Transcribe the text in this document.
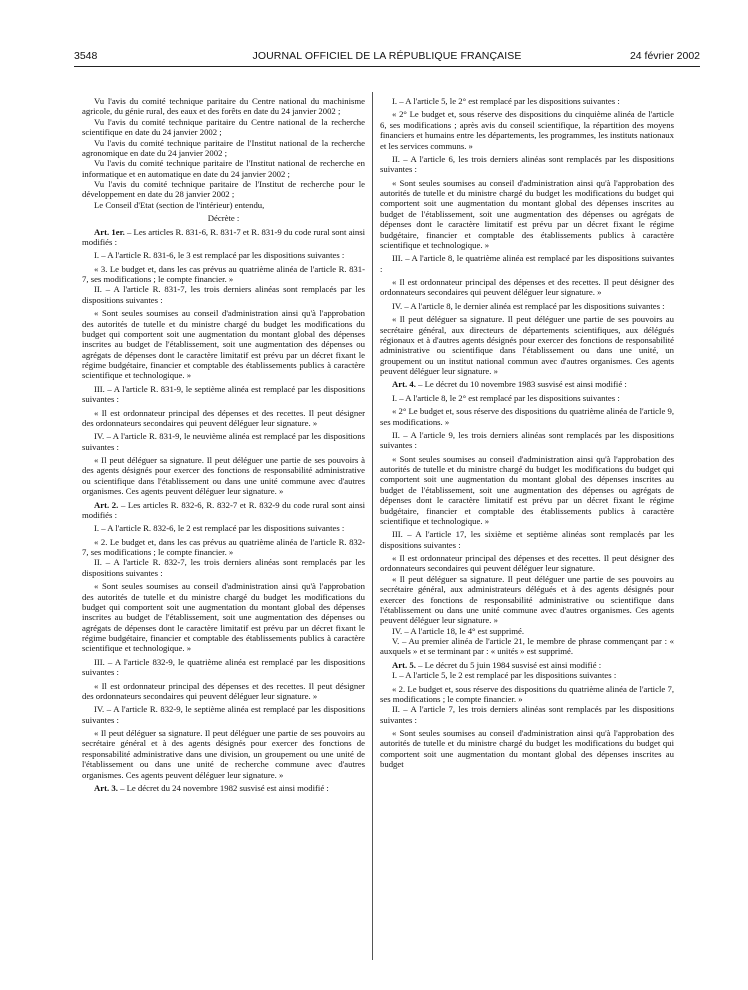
3548	JOURNAL OFFICIEL DE LA RÉPUBLIQUE FRANÇAISE	24 février 2002

Vu l'avis du comité technique paritaire du Centre national du machinisme agricole, du génie rural, des eaux et des forêts en date du 24 janvier 2002 ;

Vu l'avis du comité technique paritaire du Centre national de la recherche scientifique en date du 24 janvier 2002 ;

Vu l'avis du comité technique paritaire de l'Institut national de la recherche agronomique en date du 24 janvier 2002 ;

Vu l'avis du comité technique paritaire de l'Institut national de recherche en informatique et en automatique en date du 24 janvier 2002 ;

Vu l'avis du comité technique paritaire de l'Institut de recherche pour le développement en date du 28 janvier 2002 ;

Le Conseil d'Etat (section de l'intérieur) entendu,

Décrète :

Art. 1er. – Les articles R. 831-6, R. 831-7 et R. 831-9 du code rural sont ainsi modifiés :

I. – A l'article R. 831-6, le 3 est remplacé par les dispositions suivantes :

« 3. Le budget et, dans les cas prévus au quatrième alinéa de l'article R. 831-7, ses modifications ; le compte financier. »

II. – A l'article R. 831-7, les trois derniers alinéas sont remplacés par les dispositions suivantes :

« Sont seules soumises au conseil d'administration ainsi qu'à l'approbation des autorités de tutelle et du ministre chargé du budget les modifications du budget qui comportent soit une augmentation du montant global des dépenses inscrites au budget de l'établissement, soit une augmentation des dépenses ou agrégats de dépenses dont le caractère limitatif est prévu par un décret fixant le régime budgétaire, financier et comptable des établissements publics à caractère scientifique et technologique. »

III. – A l'article R. 831-9, le septième alinéa est remplacé par les dispositions suivantes :

« Il est ordonnateur principal des dépenses et des recettes. Il peut désigner des ordonnateurs secondaires qui peuvent déléguer leur signature. »

IV. – A l'article R. 831-9, le neuvième alinéa est remplacé par les dispositions suivantes :

« Il peut déléguer sa signature. Il peut déléguer une partie de ses pouvoirs à des agents désignés pour exercer des fonctions de responsabilité administrative ou scientifique dans l'établissement ou dans une unité commune avec d'autres organismes. Ces agents peuvent déléguer leur signature. »

Art. 2. – Les articles R. 832-6, R. 832-7 et R. 832-9 du code rural sont ainsi modifiés :

I. – A l'article R. 832-6, le 2 est remplacé par les dispositions suivantes :

« 2. Le budget et, dans les cas prévus au quatrième alinéa de l'article R. 832-7, ses modifications ; le compte financier. »

II. – A l'article R. 832-7, les trois derniers alinéas sont remplacés par les dispositions suivantes :

« Sont seules soumises au conseil d'administration ainsi qu'à l'approbation des autorités de tutelle et du ministre chargé du budget les modifications du budget qui comportent soit une augmentation du montant global des dépenses inscrites au budget de l'établissement, soit une augmentation des dépenses ou agrégats de dépenses dont le caractère limitatif est prévu par un décret fixant le régime budgétaire, financier et comptable des établissements publics à caractère scientifique et technologique. »

III. – A l'article 832-9, le quatrième alinéa est remplacé par les dispositions suivantes :

« Il est ordonnateur principal des dépenses et des recettes. Il peut désigner des ordonnateurs secondaires qui peuvent déléguer leur signature. »

IV. – A l'article R. 832-9, le septième alinéa est remplacé par les dispositions suivantes :

« Il peut déléguer sa signature. Il peut déléguer une partie de ses pouvoirs au secrétaire général et à des agents désignés pour exercer des fonctions de responsabilité administrative dans une division, un groupement ou une unité de l'établissement ou dans une unité de recherche commune avec d'autres organismes. Ces agents peuvent déléguer leur signature. »

Art. 3. – Le décret du 24 novembre 1982 susvisé est ainsi modifié :

I. – A l'article 5, le 2° est remplacé par les dispositions suivantes :

« 2° Le budget et, sous réserve des dispositions du cinquième alinéa de l'article 6, ses modifications ; après avis du conseil scientifique, la répartition des moyens financiers et humains entre les départements, les programmes, les instituts nationaux et les services communs. »

II. – A l'article 6, les trois derniers alinéas sont remplacés par les dispositions suivantes :

« Sont seules soumises au conseil d'administration ainsi qu'à l'approbation des autorités de tutelle et du ministre chargé du budget les modifications du budget qui comportent soit une augmentation du montant global des dépenses inscrites au budget de l'établissement, soit une augmentation des dépenses ou agrégats de dépenses dont le caractère limitatif est prévu par un décret fixant le régime budgétaire, financier et comptable des établissements publics à caractère scientifique et technologique. »

III. – A l'article 8, le quatrième alinéa est remplacé par les dispositions suivantes :

« Il est ordonnateur principal des dépenses et des recettes. Il peut désigner des ordonnateurs secondaires qui peuvent déléguer leur signature. »

IV. – A l'article 8, le dernier alinéa est remplacé par les dispositions suivantes :

« Il peut déléguer sa signature. Il peut déléguer une partie de ses pouvoirs au secrétaire général, aux directeurs de départements scientifiques, aux délégués régionaux et à d'autres agents désignés pour exercer des fonctions de responsabilité administrative ou scientifique dans l'établissement ou dans une unité, un groupement ou un institut national commun avec d'autres organismes. Ces agents peuvent déléguer leur signature. »

Art. 4. – Le décret du 10 novembre 1983 susvisé est ainsi modifié :

I. – A l'article 8, le 2° est remplacé par les dispositions suivantes :

« 2° Le budget et, sous réserve des dispositions du quatrième alinéa de l'article 9, ses modifications. »

II. – A l'article 9, les trois derniers alinéas sont remplacés par les dispositions suivantes :

« Sont seules soumises au conseil d'administration ainsi qu'à l'approbation des autorités de tutelle et du ministre chargé du budget les modifications du budget qui comportent soit une augmentation du montant global des dépenses inscrites au budget de l'établissement, soit une augmentation des dépenses ou agrégats de dépenses dont le caractère limitatif est prévu par un décret fixant le régime budgétaire, financier et comptable des établissements publics à caractère scientifique et technologique. »

III. – A l'article 17, les sixième et septième alinéas sont remplacés par les dispositions suivantes :

« Il est ordonnateur principal des dépenses et des recettes. Il peut désigner des ordonnateurs secondaires qui peuvent déléguer leur signature.

« Il peut déléguer sa signature. Il peut déléguer une partie de ses pouvoirs au secrétaire général, aux administrateurs délégués et à des agents désignés pour exercer des fonctions de responsabilité administrative ou scientifique dans l'établissement ou dans une unité commune avec d'autres organismes. Ces agents peuvent déléguer leur signature. »

IV. – A l'article 18, le 4° est supprimé.

V. – Au premier alinéa de l'article 21, le membre de phrase commençant par : « auxquels » et se terminant par : « unités » est supprimé.

Art. 5. – Le décret du 5 juin 1984 susvisé est ainsi modifié :

I. – A l'article 5, le 2 est remplacé par les dispositions suivantes :

« 2. Le budget et, sous réserve des dispositions du quatrième alinéa de l'article 7, ses modifications ; le compte financier. »

II. – A l'article 7, les trois derniers alinéas sont remplacés par les dispositions suivantes :

« Sont seules soumises au conseil d'administration ainsi qu'à l'approbation des autorités de tutelle et du ministre chargé du budget les modifications du budget qui comportent soit une augmentation du montant global des dépenses inscrites au budget
